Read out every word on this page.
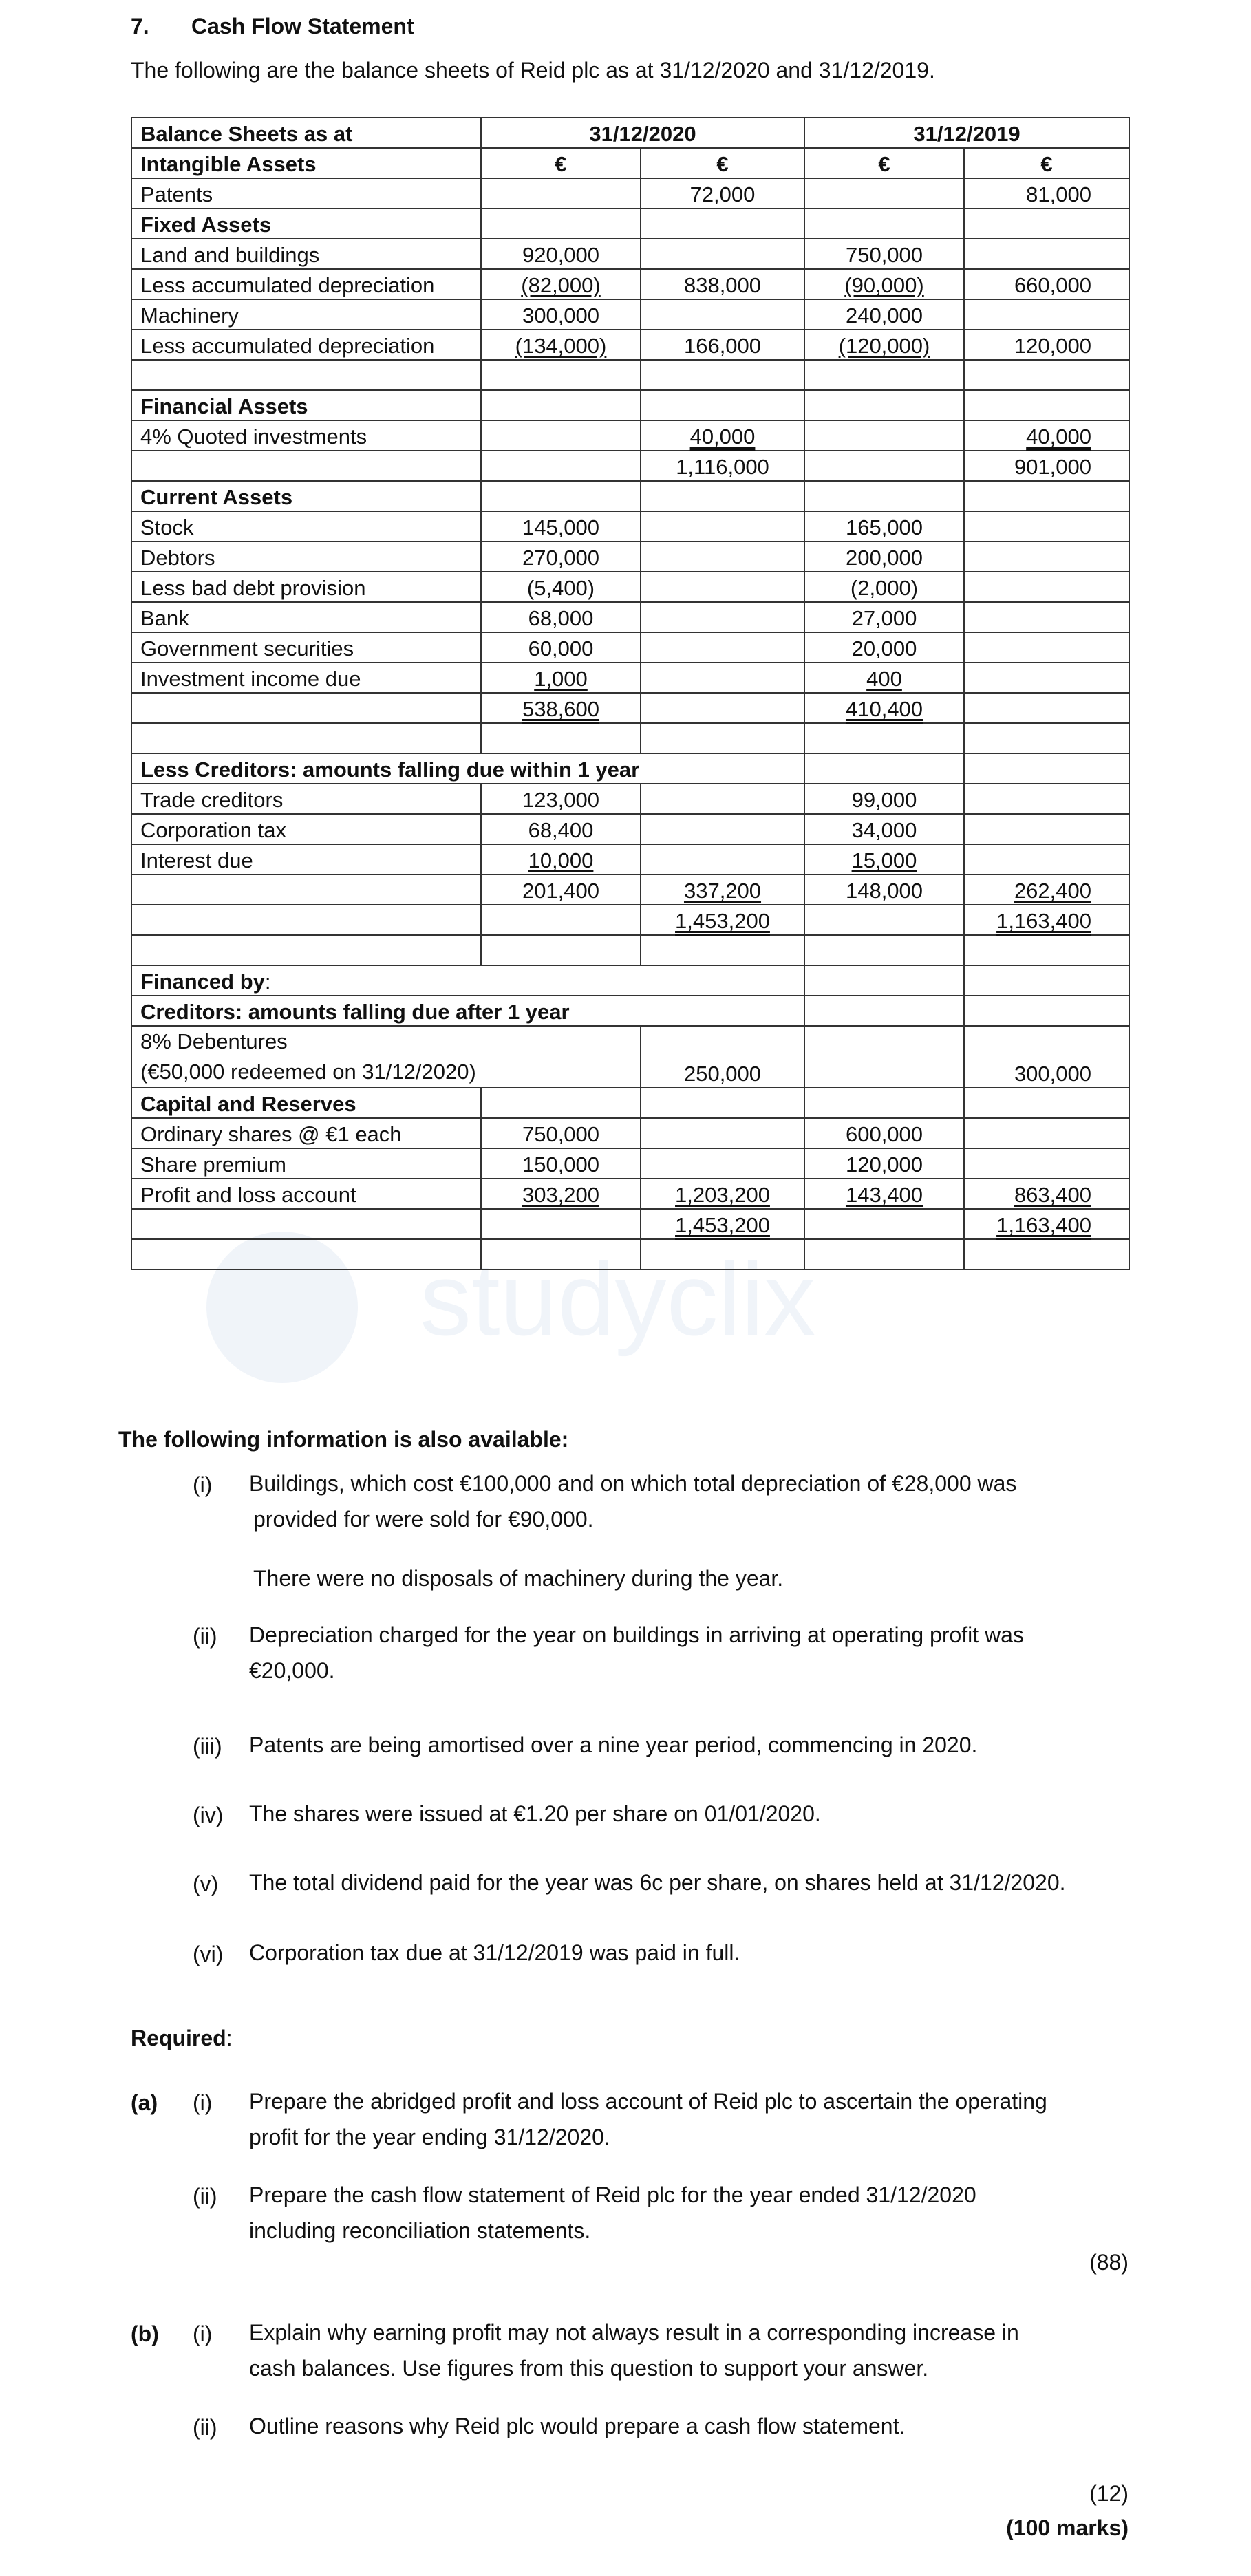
studyclix
7. Cash Flow Statement
The following are the balance sheets of Reid plc as at 31/12/2020 and 31/12/2019.
Balance Sheets as at	31/12/2020		31/12/2019	
Intangible Assets	€	€	€	€
Patents		72,000		81,000
Fixed Assets				
Land and buildings	920,000		750,000	
Less accumulated depreciation	(82,000)	838,000	(90,000)	660,000
Machinery	300,000		240,000	
Less accumulated depreciation	(134,000)	166,000	(120,000)	120,000

Financial Assets				
4% Quoted investments		40,000		40,000
		1,116,000		901,000
Current Assets				
Stock	145,000		165,000	
Debtors	270,000		200,000	
Less bad debt provision	(5,400)		(2,000)	
Bank	68,000		27,000	
Government securities	60,000		20,000	
Investment income due	1,000		400	
	538,600		410,400	

Less Creditors: amounts falling due within 1 year				
Trade creditors	123,000		99,000	
Corporation tax	68,400		34,000	
Interest due	10,000		15,000	
	201,400	337,200	148,000	262,400
		1,453,200		1,163,400

Financed by:				
Creditors: amounts falling due after 1 year				
8% Debentures
(€50,000 redeemed on 31/12/2020)		250,000		300,000
Capital and Reserves				
Ordinary shares @ €1 each	750,000		600,000	
Share premium	150,000		120,000	
Profit and loss account	303,200	1,203,200	143,400	863,400
		1,453,200		1,163,400

The following information is also available:
(i) Buildings, which cost €100,000 and on which total depreciation of €28,000 was
provided for were sold for €90,000.
There were no disposals of machinery during the year.
(ii) Depreciation charged for the year on buildings in arriving at operating profit was
€20,000.
(iii) Patents are being amortised over a nine year period, commencing in 2020.
(iv) The shares were issued at €1.20 per share on 01/01/2020.
(v) The total dividend paid for the year was 6c per share, on shares held at 31/12/2020.
(vi) Corporation tax due at 31/12/2019 was paid in full.
Required:
(a) (i) Prepare the abridged profit and loss account of Reid plc to ascertain the operating
profit for the year ending 31/12/2020.
(ii) Prepare the cash flow statement of Reid plc for the year ended 31/12/2020
including reconciliation statements.
(88)
(b) (i) Explain why earning profit may not always result in a corresponding increase in
cash balances. Use figures from this question to support your answer.
(ii) Outline reasons why Reid plc would prepare a cash flow statement.
(12)
(100 marks)
